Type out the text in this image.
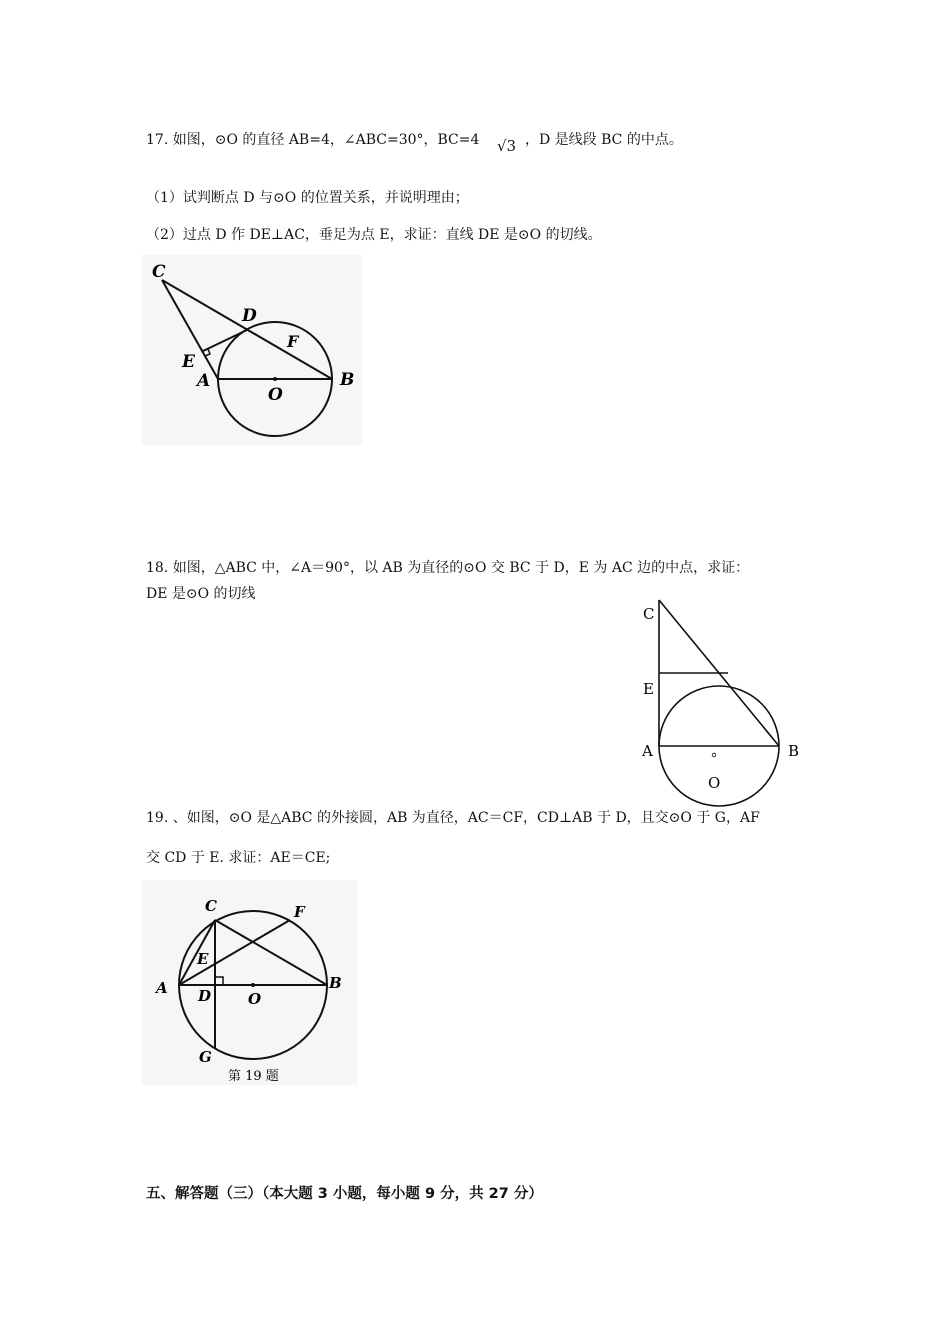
17. 如图，⊙O 的直径 AB=4，∠ABC=30°，BC=4 √3 ，D 是线段 BC 的中点。
（1）试判断点 D 与⊙O 的位置关系，并说明理由；
（2）过点 D 作 DE⊥AC，垂足为点 E，求证：直线 DE 是⊙O 的切线。
C
D
F
E
A
O
B
18. 如图，△ABC 中，∠A＝90°，以 AB 为直径的⊙O 交 BC 于 D，E 为 AC 边的中点，求证：
DE 是⊙O 的切线
C
E
A	B
O
19. 、如图，⊙O 是△ABC 的外接圆，AB 为直径，AC＝CF，CD⊥AB 于 D，且交⊙O 于 G，AF
交 CD 于 E. 求证：AE＝CE;
C	F
E
A D O
B
G
第 19 题
五、解答题（三）（本大题 3 小题，每小题 9 分，共 27 分）
